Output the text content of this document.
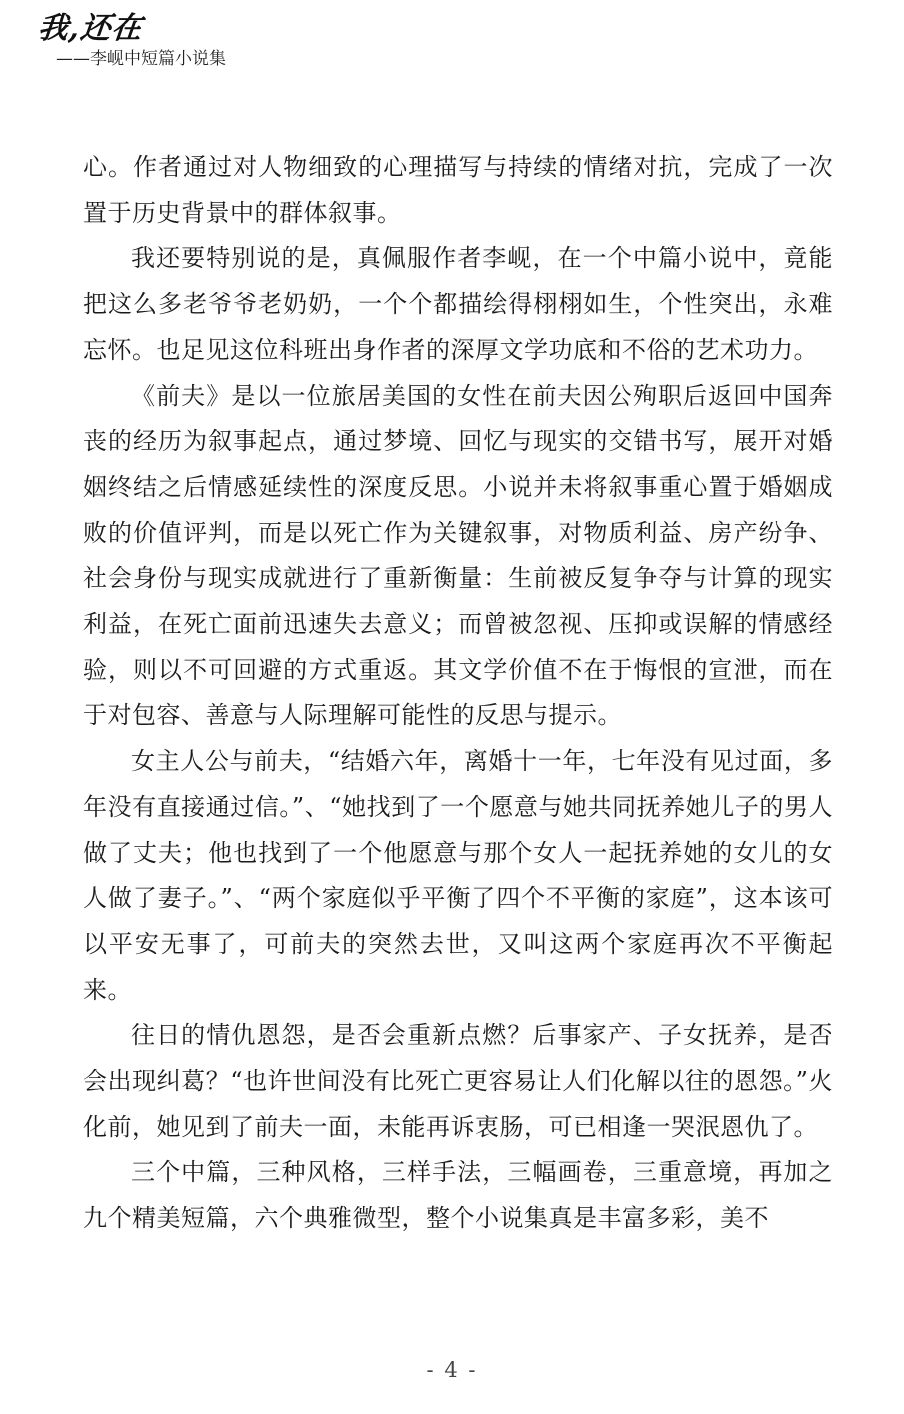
我,还在
——李岘中短篇小说集

心。作者通过对人物细致的心理描写与持续的情绪对抗，完成了一次置于历史背景中的群体叙事。

我还要特别说的是，真佩服作者李岘，在一个中篇小说中，竟能把这么多老爷爷老奶奶，一个个都描绘得栩栩如生，个性突出，永难忘怀。也足见这位科班出身作者的深厚文学功底和不俗的艺术功力。

《前夫》是以一位旅居美国的女性在前夫因公殉职后返回中国奔丧的经历为叙事起点，通过梦境、回忆与现实的交错书写，展开对婚姻终结之后情感延续性的深度反思。小说并未将叙事重心置于婚姻成败的价值评判，而是以死亡作为关键叙事，对物质利益、房产纷争、社会身份与现实成就进行了重新衡量：生前被反复争夺与计算的现实利益，在死亡面前迅速失去意义；而曾被忽视、压抑或误解的情感经验，则以不可回避的方式重返。其文学价值不在于悔恨的宣泄，而在于对包容、善意与人际理解可能性的反思与提示。

女主人公与前夫，“结婚六年，离婚十一年，七年没有见过面，多年没有直接通过信。”、“她找到了一个愿意与她共同抚养她儿子的男人做了丈夫；他也找到了一个他愿意与那个女人一起抚养她的女儿的女人做了妻子。”、“两个家庭似乎平衡了四个不平衡的家庭”，这本该可以平安无事了，可前夫的突然去世，又叫这两个家庭再次不平衡起来。

往日的情仇恩怨，是否会重新点燃？后事家产、子女抚养，是否会出现纠葛？“也许世间没有比死亡更容易让人们化解以往的恩怨。”火化前，她见到了前夫一面，未能再诉衷肠，可已相逢一哭泯恩仇了。

三个中篇，三种风格，三样手法，三幅画卷，三重意境，再加之九个精美短篇，六个典雅微型，整个小说集真是丰富多彩，美不

- 4 -
